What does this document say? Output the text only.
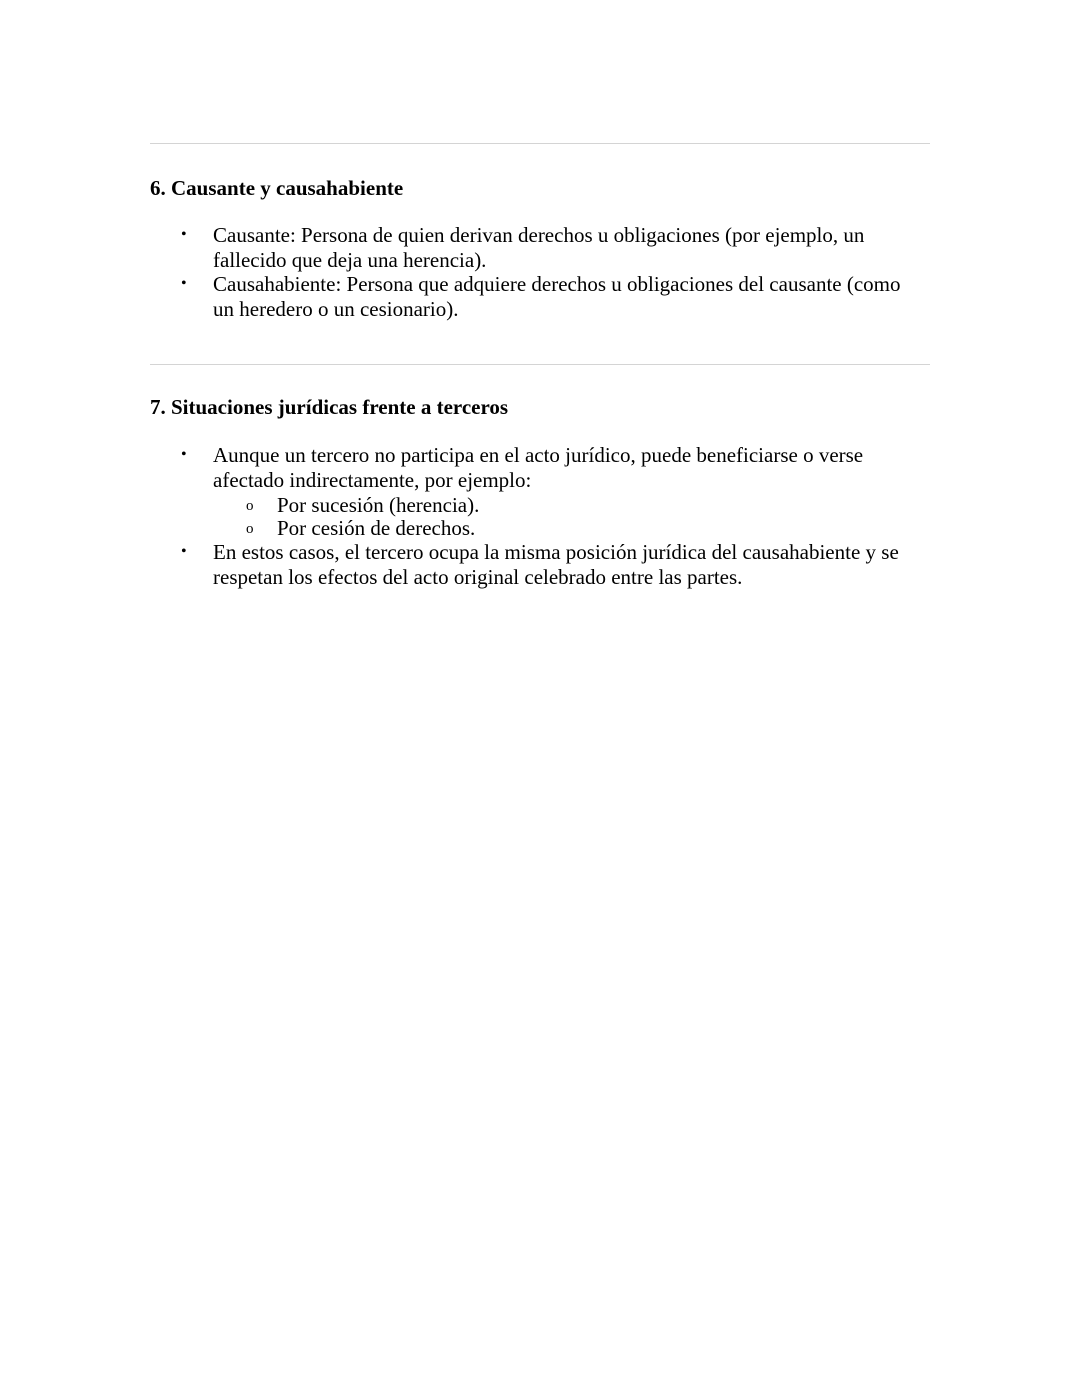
6. Causante y causahabiente
• Causante: Persona de quien derivan derechos u obligaciones (por ejemplo, un
fallecido que deja una herencia).
• Causahabiente: Persona que adquiere derechos u obligaciones del causante (como
un heredero o un cesionario).
7. Situaciones jurídicas frente a terceros
• Aunque un tercero no participa en el acto jurídico, puede beneficiarse o verse
afectado indirectamente, por ejemplo:
o Por sucesión (herencia).
o Por cesión de derechos.
• En estos casos, el tercero ocupa la misma posición jurídica del causahabiente y se
respetan los efectos del acto original celebrado entre las partes.
